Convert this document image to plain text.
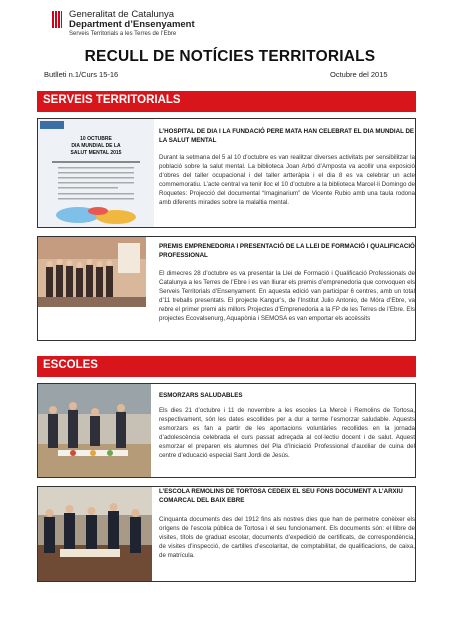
Generalitat de Catalunya
Department d’Ensenyament
Serveis Territorials a les Terres de l’Ebre
RECULL DE NOTÍCIES TERRITORIALS
Butlleti n.1/Curs 15-16	Octubre del 2015
SERVEIS TERRITORIALS
10 OCTUBRE
DIA MUNDIAL DE LA
SALUT MENTAL 2015
L’HOSPITAL DE DIA I LA FUNDACIÓ PERE MATA HAN CELEBRAT EL DIA MUNDIAL DE LA SALUT MENTAL
Durant la setmana del 5 al 10 d’octubre es van realitzar diverses activitats per sensibilitzar la població sobre la salut mental. La biblioteca Joan Arbó d’Amposta va acollir una exposició d’obres del taller ocupacional i del taller artteràpia i el dia 8 es va celebrar un acte commemoratiu. L’acte central va tenir lloc el 10 d’octubre a la biblioteca Marcel·li Domingo de Roquetes: Projecció del documental “Imaginarium” de Vicente Rubio amb una taula rodona amb diferents mirades sobre la malaltia mental.
PREMIS EMPRENEDORIA I PRESENTACIÓ DE LA LLEI DE FORMACIÓ I QUALIFICACIÓ PROFESSIONAL
El dimecres 28 d’octubre es va presentar la Llei de Formació i Qualificació Professionals de Catalunya a les Terres de l’Ebre i es van lliurar els premis d’emprenedoria que convoquen els Serveis Territorials d’Ensenyament. En aquesta edició van participar 6 centres, amb un total d’11 treballs presentats. El projecte Kangur’s, de l’Institut Julio Antonio, de Móra d’Ebre, va rebre el primer premi als millors Projectes d’Emprenedoria a la FP de les Terres de l’Ebre. Els projectes Ecovalsenurg, Aquapònia i SEMOSA es van emportar els accèssits
ESCOLES
ESMORZARS SALUDABLES
Els dies 21 d’octubre i 11 de novembre a les escoles La Mercè i Remolins de Tortosa, respectivament, són les dates escollides per a dur a terme l’esmorzar saludable. Aquests esmorzars es fan a partir de les aportacions voluntàries recollides en la jornada d’adolescència celebrada el curs passat adreçada al col·lectiu docent i de salut. Aquest esmorzar el preparen els alumnes del Pla d’Iniciació Professional d’auxiliar de cuina del centre d’educació especial Sant Jordi de Jesús.
L’ESCOLA REMOLINS DE TORTOSA CEDEIX EL SEU FONS DOCUMENT A L’ARXIU COMARCAL DEL BAIX EBRE
Cinquanta documents des del 1912 fins als nostres dies que han de permetre conèixer els orígens de l’escola pública de Tortosa i el seu funcionament. Els documents són: el llibre de visites, títols de graduat escolar, documents d’expedició de certificats, de correspondència, de visites d’inspecció, de cartilles d’escolaritat, de comptabilitat, de qualificacions, de caixa, de matrícula.
